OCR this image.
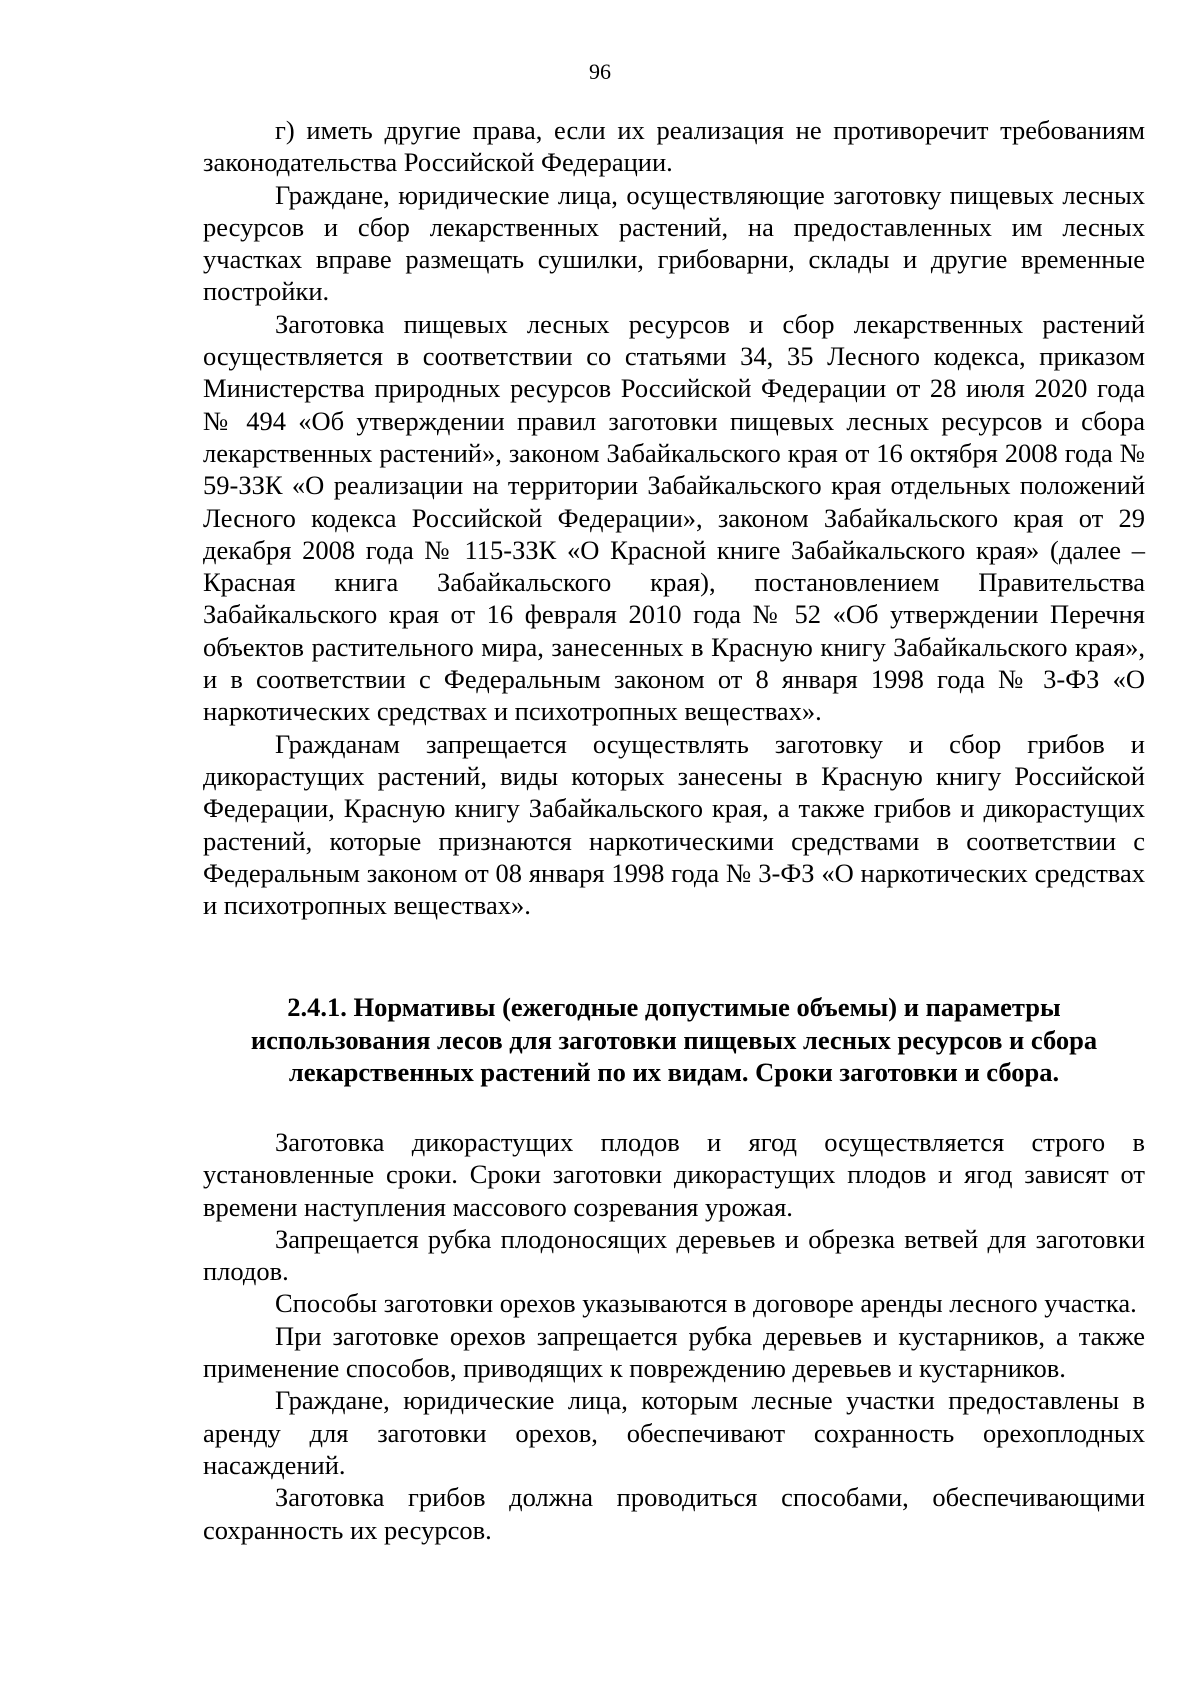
96

г) иметь другие права, если их реализация не противоречит требованиям законодательства Российской Федерации.

Граждане, юридические лица, осуществляющие заготовку пищевых лесных ресурсов и сбор лекарственных растений, на предоставленных им лесных участках вправе размещать сушилки, грибоварни, склады и другие временные постройки.

Заготовка пищевых лесных ресурсов и сбор лекарственных растений осуществляется в соответствии со статьями 34, 35 Лесного кодекса, приказом Министерства природных ресурсов Российской Федерации от 28 июля 2020 года № 494 «Об утверждении правил заготовки пищевых лесных ресурсов и сбора лекарственных растений», законом Забайкальского края от 16 октября 2008 года № 59-ЗЗК «О реализации на территории Забайкальского края отдельных положений Лесного кодекса Российской Федерации», законом Забайкальского края от 29 декабря 2008 года № 115-ЗЗК «О Красной книге Забайкальского края» (далее – Красная книга Забайкальского края), постановлением Правительства Забайкальского края от 16 февраля 2010 года № 52 «Об утверждении Перечня объектов растительного мира, занесенных в Красную книгу Забайкальского края», и в соответствии с Федеральным законом от 8 января 1998 года № 3-ФЗ «О наркотических средствах и психотропных веществах».

Гражданам запрещается осуществлять заготовку и сбор грибов и дикорастущих растений, виды которых занесены в Красную книгу Российской Федерации, Красную книгу Забайкальского края, а также грибов и дикорастущих растений, которые признаются наркотическими средствами в соответствии с Федеральным законом от 08 января 1998 года № 3-ФЗ «О наркотических средствах и психотропных веществах».

2.4.1. Нормативы (ежегодные допустимые объемы) и параметры
использования лесов для заготовки пищевых лесных ресурсов и сбора
лекарственных растений по их видам. Сроки заготовки и сбора.

Заготовка дикорастущих плодов и ягод осуществляется строго в установленные сроки. Сроки заготовки дикорастущих плодов и ягод зависят от времени наступления массового созревания урожая.

Запрещается рубка плодоносящих деревьев и обрезка ветвей для заготовки плодов.

Способы заготовки орехов указываются в договоре аренды лесного участка.

При заготовке орехов запрещается рубка деревьев и кустарников, а также применение способов, приводящих к повреждению деревьев и кустарников.

Граждане, юридические лица, которым лесные участки предоставлены в аренду для заготовки орехов, обеспечивают сохранность орехоплодных насаждений.

Заготовка грибов должна проводиться способами, обеспечивающими сохранность их ресурсов.
